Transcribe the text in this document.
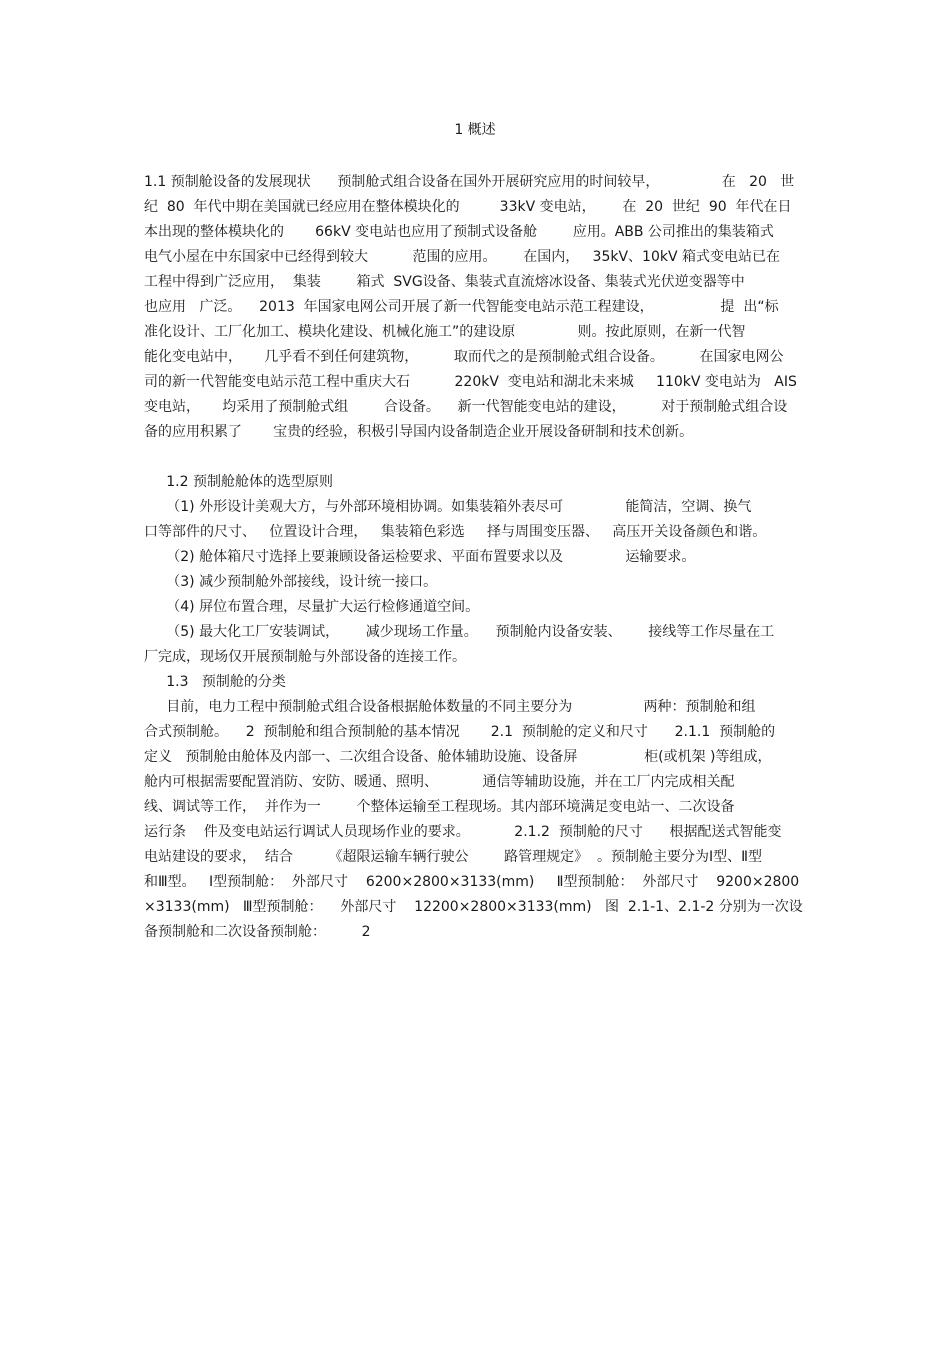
1 概述

1.1 预制舱设备的发展现状      预制舱式组合设备在国外开展研究应用的时间较早，              在   20   世

纪  80  年代中期在美国就已经应用在整体模块化的         33kV 变电站，      在  20  世纪  90  年代在日

本出现的整体模块化的       66kV 变电站也应用了预制式设备舱        应用。ABB 公司推出的集装箱式

电气小屋在中东国家中已经得到较大          范围的应用。      在国内，   35kV、10kV 箱式变电站已在

工程中得到广泛应用，  集装        箱式  SVG设备、集装式直流熔冰设备、集装式光伏逆变器等中

也应用   广泛。    2013  年国家电网公司开展了新一代智能变电站示范工程建设，               提  出“标

准化设计、工厂化加工、模块化建设、机械化施工”的建设原              则。按此原则，在新一代智

能化变电站中，     几乎看不到任何建筑物，        取而代之的是预制舱式组合设备。        在国家电网公

司的新一代智能变电站示范工程中重庆大石          220kV  变电站和湖北未来城     110kV 变电站为   AIS

变电站，     均采用了预制舱式组        合设备。    新一代智能变电站的建设，        对于预制舱式组合设

备的应用积累了       宝贵的经验，积极引导国内设备制造企业开展设备研制和技术创新。

1.2 预制舱舱体的选型原则

（1) 外形设计美观大方，与外部环境相协调。如集装箱外表尽可              能简洁，空调、换气

口等部件的尺寸、   位置设计合理，   集装箱色彩选     择与周围变压器、   高压开关设备颜色和谐。

（2) 舱体箱尺寸选择上要兼顾设备运检要求、平面布置要求以及              运输要求。

（3) 减少预制舱外部接线，设计统一接口。

（4) 屏位布置合理，尽量扩大运行检修通道空间。

（5) 最大化工厂安装调试，      减少现场工作量。    预制舱内设备安装、      接线等工作尽量在工

厂完成，现场仅开展预制舱与外部设备的连接工作。

1.3   预制舱的分类

目前，电力工程中预制舱式组合设备根据舱体数量的不同主要分为                两种：预制舱和组

合式预制舱。    2  预制舱和组合预制舱的基本情况       2.1  预制舱的定义和尺寸      2.1.1  预制舱的

定义   预制舱由舱体及内部一、二次组合设备、舱体辅助设施、设备屏               柜(或机架 )等组成，

舱内可根据需要配置消防、安防、暖通、照明、          通信等辅助设施，并在工厂内完成相关配

线、调试等工作，  并作为一        个整体运输至工程现场。其内部环境满足变电站一、二次设备

运行条    件及变电站运行调试人员现场作业的要求。          2.1.2  预制舱的尺寸      根据配送式智能变

电站建设的要求，  结合        《超限运输车辆行驶公        路管理规定》  。预制舱主要分为Ⅰ型、Ⅱ型

和Ⅲ型。   Ⅰ型预制舱：  外部尺寸    6200×2800×3133(mm)     Ⅱ型预制舱：  外部尺寸    9200×2800

×3133(mm)   Ⅲ型预制舱：    外部尺寸    12200×2800×3133(mm)   图  2.1-1、2.1-2 分别为一次设

备预制舱和二次设备预制舱：        2
